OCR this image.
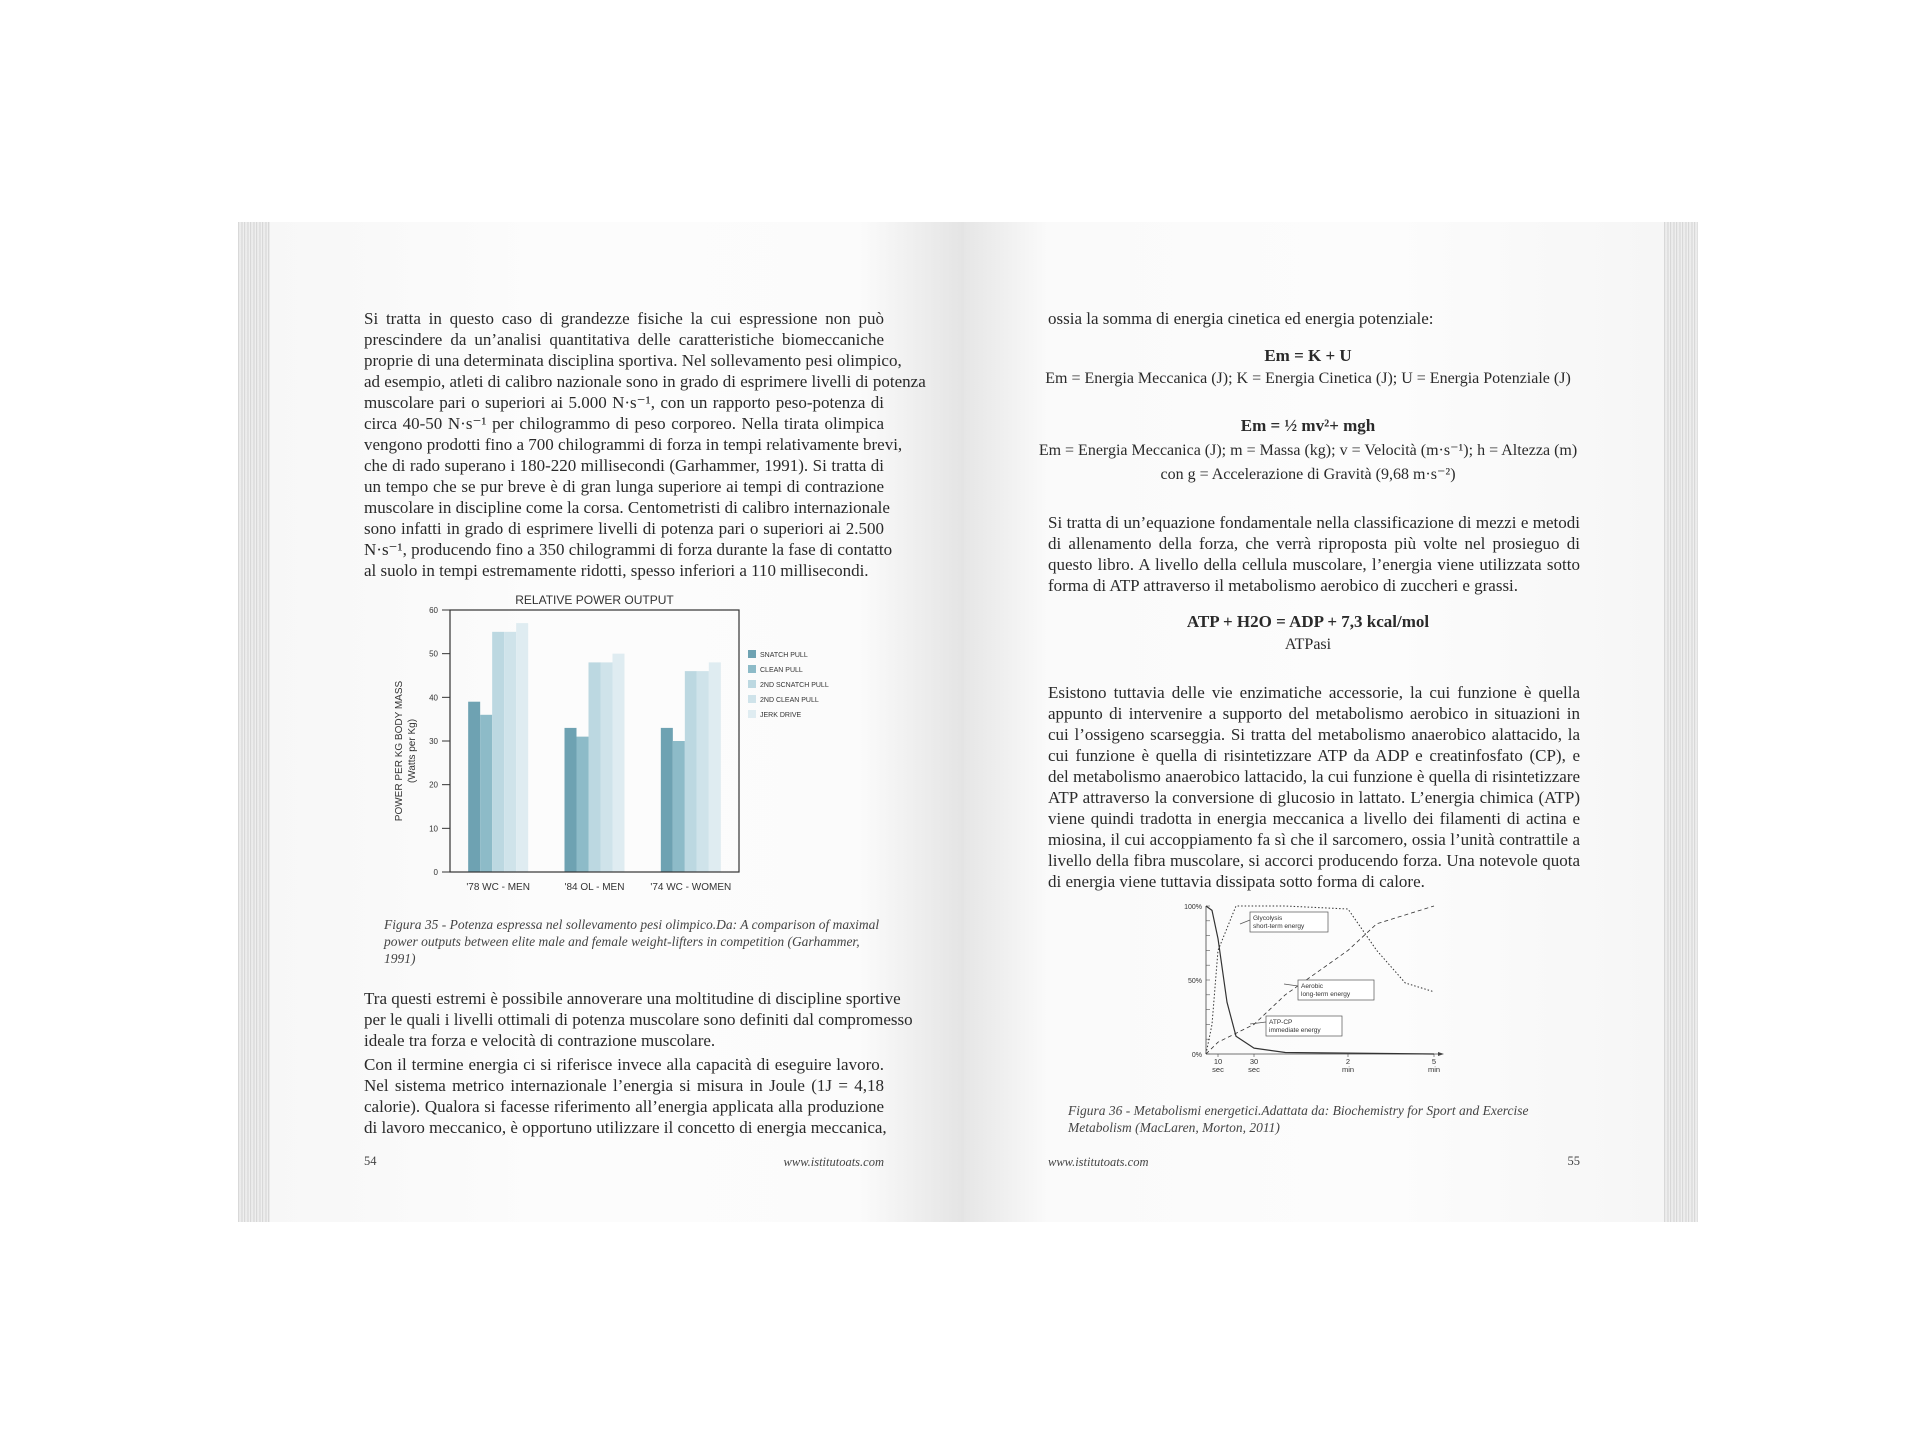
Si tratta in questo caso di grandezze fisiche la cui espressione non può
prescindere da un’analisi quantitativa delle caratteristiche biomeccaniche
proprie di una determinata disciplina sportiva. Nel sollevamento pesi olimpico,
ad esempio, atleti di calibro nazionale sono in grado di esprimere livelli di potenza
muscolare pari o superiori ai 5.000 N·s⁻¹, con un rapporto peso-potenza di
circa 40-50 N·s⁻¹ per chilogrammo di peso corporeo. Nella tirata olimpica
vengono prodotti fino a 700 chilogrammi di forza in tempi relativamente brevi,
che di rado superano i 180-220 millisecondi (Garhammer, 1991). Si tratta di
un tempo che se pur breve è di gran lunga superiore ai tempi di contrazione
muscolare in discipline come la corsa. Centometristi di calibro internazionale
sono infatti in grado di esprimere livelli di potenza pari o superiori ai 2.500
N·s⁻¹, producendo fino a 350 chilogrammi di forza durante la fase di contatto
al suolo in tempi estremamente ridotti, spesso inferiori a 110 millisecondi.
RELATIVE POWER OUTPUT
0
10
20
30
40
50
60
POWER PER KG BODY MASS (Watts per Kg)
'78 WC - MEN	'84 OL - MEN	'74 WC - WOMEN
SNATCH PULL
CLEAN PULL
2ND SCNATCH PULL
2ND CLEAN PULL
JERK DRIVE
Figura 35 - Potenza espressa nel sollevamento pesi olimpico.Da: A comparison of maximal power outputs between elite male and female weight-lifters in competition (Garhammer, 1991)
Tra questi estremi è possibile annoverare una moltitudine di discipline sportive
per le quali i livelli ottimali di potenza muscolare sono definiti dal compromesso
ideale tra forza e velocità di contrazione muscolare.
Con il termine energia ci si riferisce invece alla capacità di eseguire lavoro.
Nel sistema metrico internazionale l’energia si misura in Joule (1J = 4,18
calorie). Qualora si facesse riferimento all’energia applicata alla produzione
di lavoro meccanico, è opportuno utilizzare il concetto di energia meccanica,
54	www.istitutoats.com
ossia la somma di energia cinetica ed energia potenziale:
Em = K + U
Em = Energia Meccanica (J); K = Energia Cinetica (J); U = Energia Potenziale (J)
Em = ½ mv²+ mgh
Em = Energia Meccanica (J); m = Massa (kg); v = Velocità (m·s⁻¹); h = Altezza (m)
con g = Accelerazione di Gravità (9,68 m·s⁻²)
Si tratta di un’equazione fondamentale nella classificazione di mezzi e metodi
di allenamento della forza, che verrà riproposta più volte nel prosieguo di
questo libro. A livello della cellula muscolare, l’energia viene utilizzata sotto
forma di ATP attraverso il metabolismo aerobico di zuccheri e grassi.
ATP + H2O = ADP + 7,3 kcal/mol
ATPasi
Esistono tuttavia delle vie enzimatiche accessorie, la cui funzione è quella
appunto di intervenire a supporto del metabolismo aerobico in situazioni in
cui l’ossigeno scarseggia. Si tratta del metabolismo anaerobico alattacido, la
cui funzione è quella di risintetizzare ATP da ADP e creatinfosfato (CP), e
del metabolismo anaerobico lattacido, la cui funzione è quella di risintetizzare
ATP attraverso la conversione di glucosio in lattato. L’energia chimica (ATP)
viene quindi tradotta in energia meccanica a livello dei filamenti di actina e
miosina, il cui accoppiamento fa sì che il sarcomero, ossia l’unità contrattile a
livello della fibra muscolare, si accorci producendo forza. Una notevole quota
di energia viene tuttavia dissipata sotto forma di calore.
100%
50%
0%
10
sec
30
sec
2
min
5
min
Glycolysis
short-term energy
Aerobic
long-term energy
ATP-CP
immediate energy
Figura 36 - Metabolismi energetici.Adattata da: Biochemistry for Sport and Exercise Metabolism (MacLaren, Morton, 2011)
www.istitutoats.com	55
